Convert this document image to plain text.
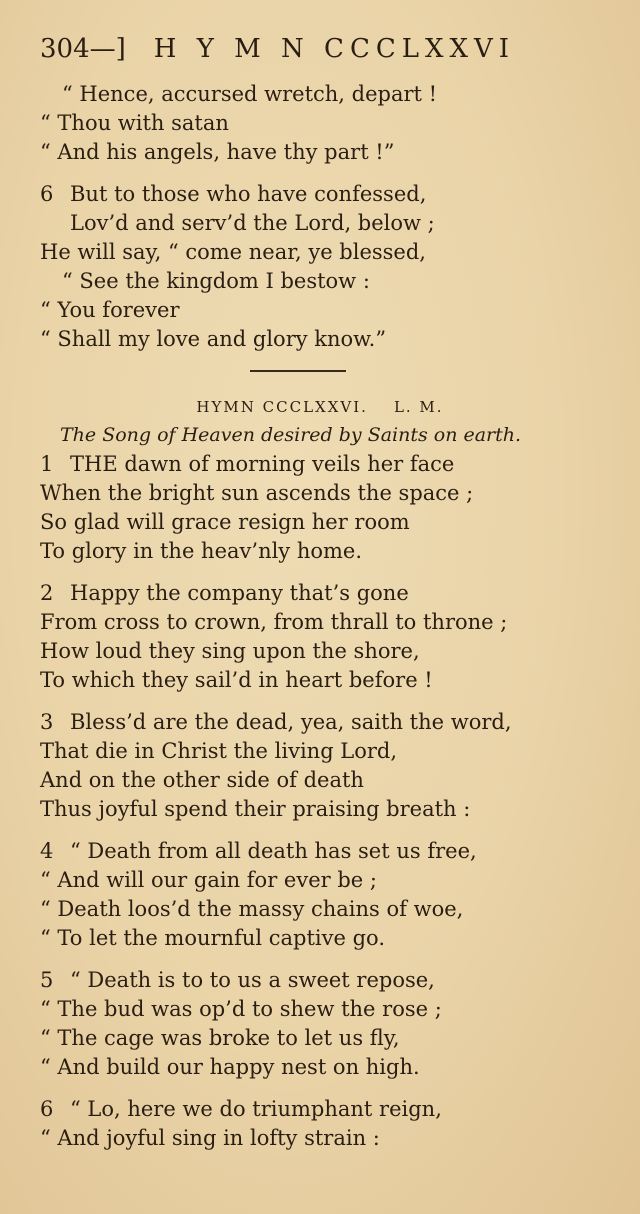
304—] H Y M N CCCLXXVI
“ Hence, accursed wretch, depart !
“ Thou with satan
“ And his angels, have thy part !”
6 But to those who have confessed,
Lov’d and serv’d the Lord, below ;
He will say, “ come near, ye blessed,
“ See the kingdom I bestow :
“ You forever
“ Shall my love and glory know.”
HYMN CCCLXXVI. L. M.
The Song of Heaven desired by Saints on earth.
1 THE dawn of morning veils her face
When the bright sun ascends the space ;
So glad will grace resign her room
To glory in the heav’nly home.
2 Happy the company that’s gone
From cross to crown, from thrall to throne ;
How loud they sing upon the shore,
To which they sail’d in heart before !
3 Bless’d are the dead, yea, saith the word,
That die in Christ the living Lord,
And on the other side of death
Thus joyful spend their praising breath :
4 “ Death from all death has set us free,
“ And will our gain for ever be ;
“ Death loos’d the massy chains of woe,
“ To let the mournful captive go.
5 “ Death is to to us a sweet repose,
“ The bud was op’d to shew the rose ;
“ The cage was broke to let us fly,
“ And build our happy nest on high.
6 “ Lo, here we do triumphant reign,
“ And joyful sing in lofty strain :
